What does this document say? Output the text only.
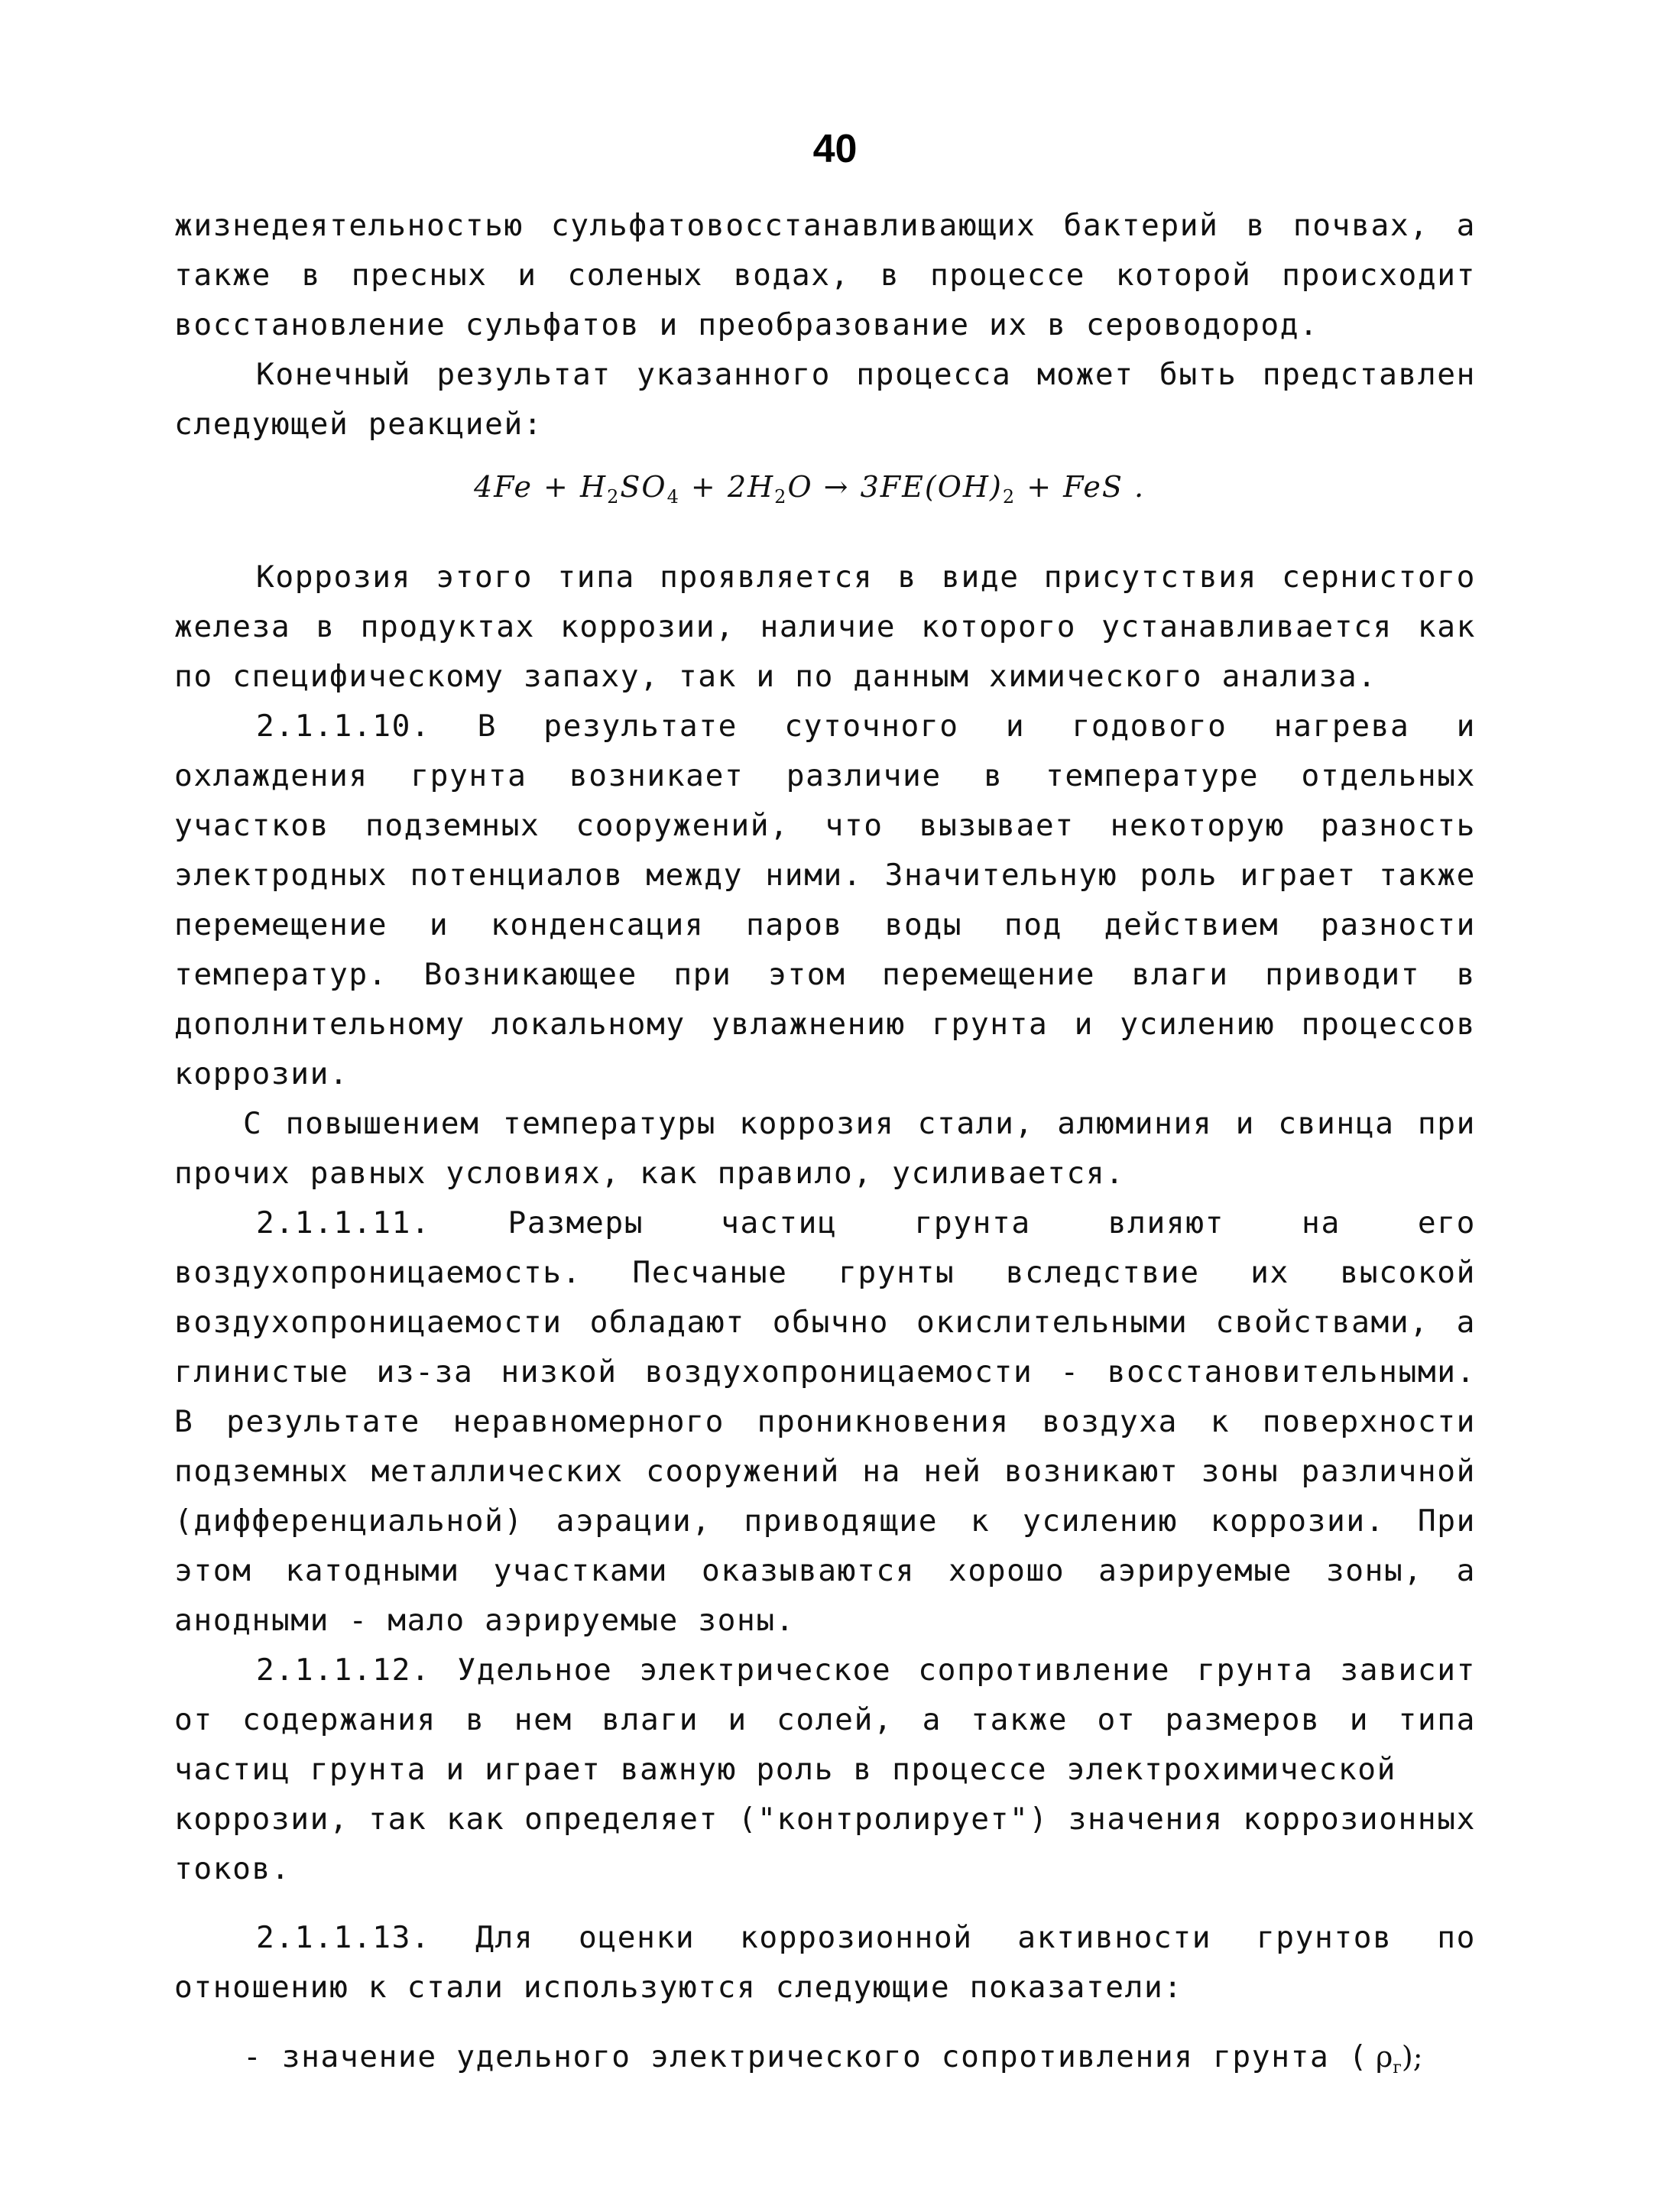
40
жизнедеятельностью сульфатовосстанавливающих бактерий в почвах, а
также в пресных и соленых водах, в процессе которой происходит
восстановление сульфатов и преобразование их в сероводород.
Конечный результат указанного процесса может быть представлен
следующей реакцией:
$4Fe + H_2SO_4 + 2H_2O \to 3FE(OH)_2$ + FeS .
Коррозия этого типа проявляется в виде присутствия сернистого
железа в продуктах коррозии, наличие которого устанавливается как
по специфическому запаху, так и по данным химического анализа.
2.1.1.10. В результате суточного и годового нагрева и
охлаждения грунта возникает различие в температуре отдельных
участков подземных сооружений, что вызывает некоторую разность
электродных потенциалов между ними. Значительную роль играет также
перемещение и конденсация паров воды под действием разности
температур. Возникающее при этом перемещение влаги приводит в
дополнительному локальному увлажнению грунта и усилению процессов
коррозии.
С повышением температуры коррозия стали, алюминия и свинца при
прочих равных условиях, как правило, усиливается.
2.1.1.11. Размеры частиц грунта влияют на его
воздухопроницаемость. Песчаные грунты вследствие их высокой
воздухопроницаемости обладают обычно окислительными свойствами, а
глинистые из-за низкой воздухопроницаемости - восстановительными.
В результате неравномерного проникновения воздуха к поверхности
подземных металлических сооружений на ней возникают зоны различной
(дифференциальной) аэрации, приводящие к усилению коррозии. При
этом катодными участками оказываются хорошо аэрируемые зоны, а
анодными - мало аэрируемые зоны.
2.1.1.12. Удельное электрическое сопротивление грунта зависит
от содержания в нем влаги и солей, а также от размеров и типа
частиц грунта и играет важную роль в процессе электрохимической
коррозии, так как определяет ("контролирует") значения коррозионных
токов.
2.1.1.13. Для оценки коррозионной активности грунтов по
отношению к стали используются следующие показатели:
- значение удельного электрического сопротивления грунта ( $\rho_г$);
